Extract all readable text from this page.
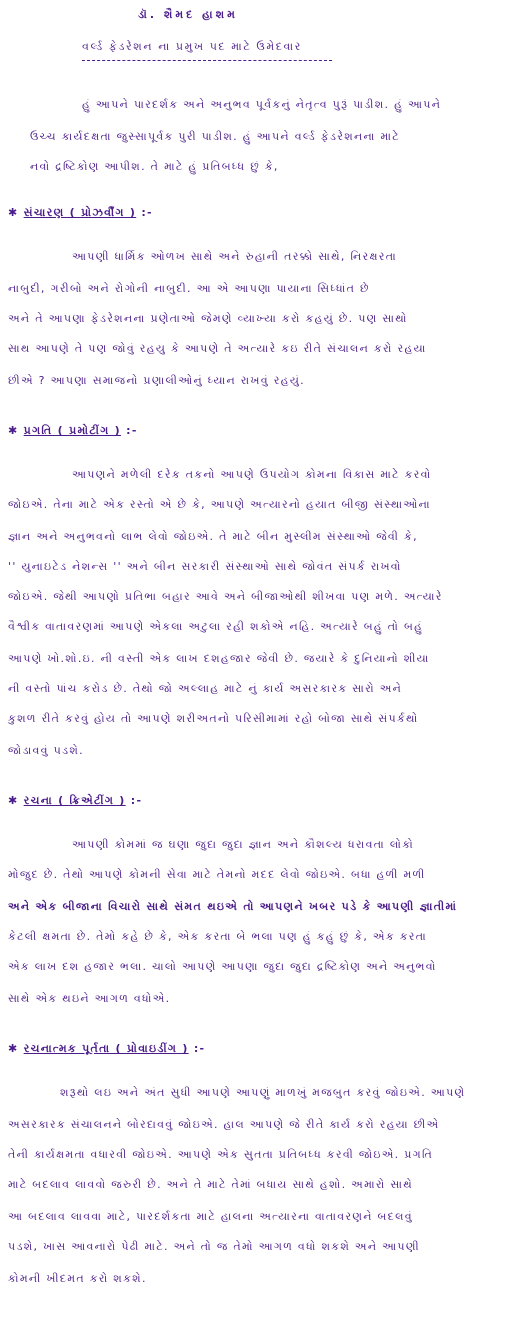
ડૉ. શૈમદ હાશમ
વર્લ્ડ ફેડરેશન ના પ્રમુખ પદ માટે ઉમેદવાર
હું આપને પારદર્શક અને અનુભવ પૂર્વકનું નેતૃત્વ પુરૂં પાડીશ. હું આપને
ઉચ્ચ કાર્યદક્ષતા જુસ્સાપૂર્વક પુરી પાડીશ. હું આપને વર્લ્ડ ફેડરેશનના માટે
નવો દ્રષ્ટિકોણ આપીશ. તે માટે હું પ્રતિબધ્ધ છું કે,
✱ સંચારણ ( પ્રોઝર્વીંગ ) :-
આપણી ધાર્મિક ઓળખ સાથે અને રુહાની તરક્કો સાથે, નિરક્ષરતા
નાબુદી, ગરીબો અને રોગોની નાબુદી. આ એ આપણા પાયાના સિધ્ધાંત છે
અને તે આપણા ફેડરેશનના પ્રણેતાઓ જેમણે વ્યાખ્યા કરો કહયું છે. પણ સાથો
સાથ આપણે તે પણ જોવું રહયુ કે આપણે તે અત્યારે કઇ રીતે સંચાલન કરો રહયા
છીએ ? આપણા સમાજનો પ્રણાલીઓનું ધ્યાન રાખવું રહયું.
✱ પ્રગતિ ( પ્રમોટીંગ ) :-
આપણને મળેલી દરેક તકનો આપણે ઉપયોગ કોમના વિકાસ માટે કરવો
જોઇએ. તેના માટે એક રસ્તો એ છે કે, આપણે અત્યારનો હયાત બીજી સંસ્થાઓના
જ્ઞાન અને અનુભવનો લાભ લેવો જોઇએ. તે માટે બીન મુસ્લીમ સંસ્થાઓ જેવી કે,
'' યુનાઇટેડ નેશન્સ '' અને બીન સરકારી સંસ્થાઓ સાથે જોવંત સંપર્ક રાખવો
જોઇએ. જેથી આપણો પ્રતિભા બહાર આવે અને બીજાઓથી શીખવા પણ મળે. અત્યારે
વૈશ્વીક વાતાવરણમાં આપણે એકલા અટુલા રહી શકોએ નહિ. અત્યારે બહું તો બહું
આપણે ખો.શો.ઇ. ની વસ્તી એક લાખ દશહજાર જેવી છે. જયારે કે દુનિયાનો શીયા
ની વસ્તો પાંચ કરોડ છે. તેથો જો અલ્લાહ માટે નું કાર્ય અસરકારક સારો અને
કુશળ રીતે કરવું હોય તો આપણે શરીઅતનો પરિસીમામાં રહો બોજા સાથે સંપર્કથો
જોડાવવું પડશે.
✱ રચના ( ક્રિએટીંગ ) :-
આપણી કોમમાં જ ઘણા જુદા જુદા જ્ઞાન અને કૌશલ્ય ધરાવતા લોકો
મોજુદ છે. તેથો આપણે કોમની સેવા માટે તેમનો મદદ લેવો જોઇએ. બધા હળી મળી
અને એક બીજાના વિચારો સાથે સંમત થઇએ તો આપણને ખબર પડે કે આપણી જ્ઞાતીમાં
કેટલી ક્ષમતા છે. તેમો કહે છે કે, એક કરતા બે ભલા પણ હું કહું છું કે, એક કરતા
એક લાખ દશ હજાર ભલા. ચાલો આપણે આપણા જુદા જુદા દ્રષ્ટિકોણ અને અનુભવો
સાથે એક થઇને આગળ વધોએ.
✱ રચનાત્મક પૂર્તતા ( પ્રોવાઇડીંગ ) :-
શરૂથો લઇ અને અંત સુધી આપણે આપણું માળખું મજબુત કરવું જોઇએ. આપણે
અસરકારક સંચાલનને બોરદાવવું જોઇએ. હાલ આપણે જે રીતે કાર્ય કરો રહયા છીએ
તેની કાર્યક્ષમતા વધારવી જોઇએ. આપણે એક સુતતા પ્રતિબધ્ધ કરવી જોઇએ. પ્રગતિ
માટે બદલાવ લાવવો જરુરી છે. અને તે માટે તેમાં બધાય સાથે હશો. અમારો સાથે
આ બદલાવ લાવવા માટે, પારદર્શકતા માટે હાલના અત્યારના વાતાવરણને બદલવું
પડશે, ખાસ આવનારો પેઢી માટે. અને તો જ તેમો આગળ વધો શકશે અને આપણી
કોમની ખીદમત કરો શકશે.
